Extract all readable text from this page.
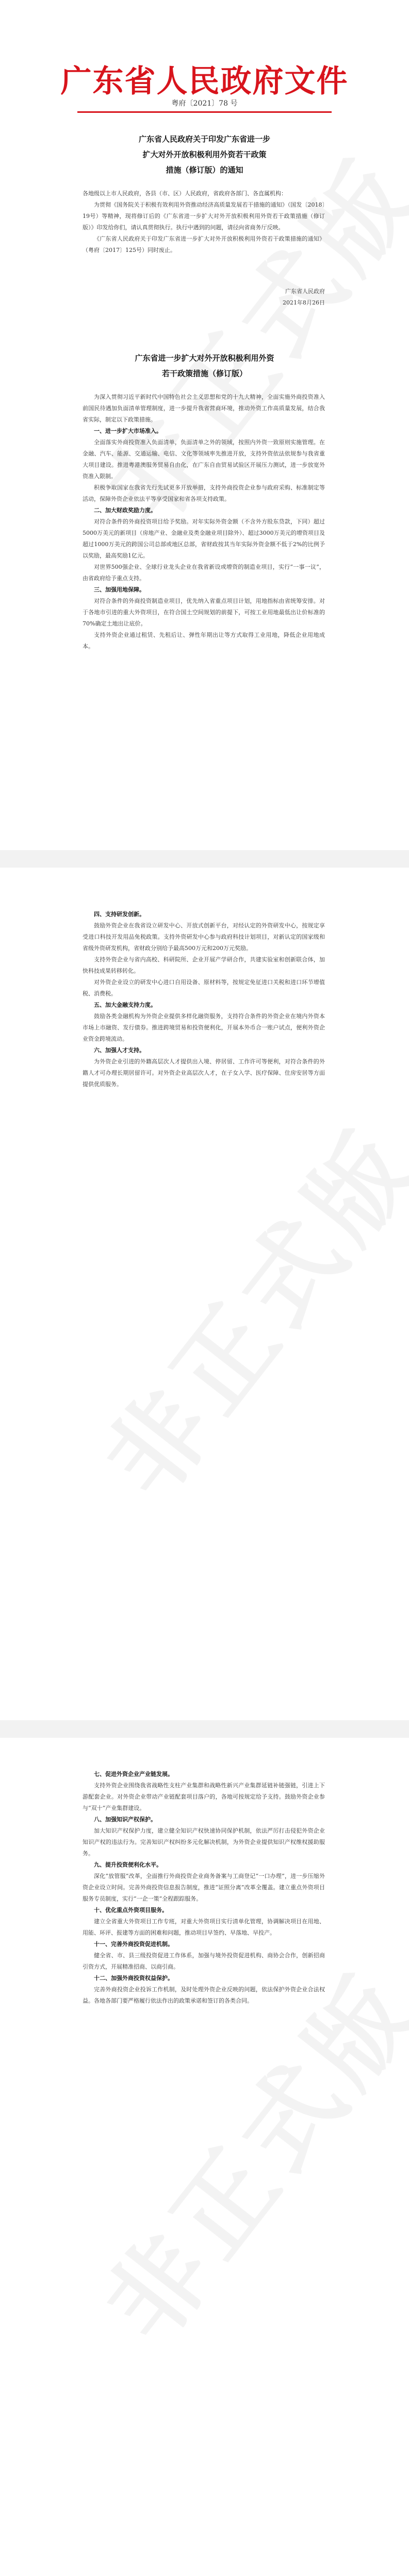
广东省人民政府文件
粤府〔2021〕78 号
广东省人民政府关于印发广东省进一步
扩大对外开放积极利用外资若干政策
措施（修订版）的通知
各地级以上市人民政府，各县（市、区）人民政府，省政府各部门、各直属机构：

为贯彻《国务院关于积极有效利用外资推动经济高质量发展若干措施的通知》（国发〔2018〕19号）等精神，现将修订后的《广东省进一步扩大对外开放积极利用外资若干政策措施（修订版）》印发给你们，请认真贯彻执行。执行中遇到的问题，请径向省商务厅反映。

《广东省人民政府关于印发广东省进一步扩大对外开放积极利用外资若干政策措施的通知》（粤府〔2017〕125号）同时废止。

广东省人民政府
2021年8月26日
广东省进一步扩大对外开放积极利用外资
若干政策措施（修订版）

为深入贯彻习近平新时代中国特色社会主义思想和党的十九大精神，全面实施外商投资准入前国民待遇加负面清单管理制度，进一步提升我省营商环境，推动外资工作高质量发展，结合我省实际，制定以下政策措施。

一、进一步扩大市场准入。

全面落实外商投资准入负面清单，负面清单之外的领域，按照内外资一致原则实施管理。在金融、汽车、能源、交通运输、电信、文化等领域率先推进开放，支持外资依法依规参与我省重大项目建设。推进粤港澳服务贸易自由化，在广东自由贸易试验区开展压力测试，进一步放宽外资准入限制。

积极争取国家在我省先行先试更多开放举措，支持外商投资企业参与政府采购、标准制定等活动，保障外资企业依法平等享受国家和省各项支持政策。

二、加大财政奖励力度。

对符合条件的外商投资项目给予奖励。对年实际外资金额（不含外方股东贷款，下同）超过5000万美元的新项目（房地产业、金融业及类金融业项目除外）、超过3000万美元的增资项目及超过1000万美元的跨国公司总部或地区总部，省财政按其当年实际外资金额不低于2%的比例予以奖励，最高奖励1亿元。

对世界500强企业、全球行业龙头企业在我省新设或增资的制造业项目，实行“一事一议”，由省政府给予重点支持。

三、加强用地保障。

对符合条件的外商投资制造业项目，优先纳入省重点项目计划，用地指标由省统筹安排。对于各地市引进的重大外资项目，在符合国土空间规划的前提下，可按工业用地最低出让价标准的70%确定土地出让底价。

支持外资企业通过租赁、先租后让、弹性年期出让等方式取得工业用地，降低企业用地成本。

四、支持研发创新。

鼓励外资企业在我省设立研发中心、开放式创新平台，对经认定的外资研发中心，按规定享受进口科技开发用品免税政策。支持外资研发中心参与政府科技计划项目，对新认定的国家级和省级外资研发机构，省财政分别给予最高500万元和200万元奖励。

支持外资企业与省内高校、科研院所、企业开展产学研合作，共建实验室和创新联合体，加快科技成果转移转化。

对外资企业设立的研发中心进口自用设备、原材料等，按规定免征进口关税和进口环节增值税、消费税。

五、加大金融支持力度。

鼓励各类金融机构为外资企业提供多样化融资服务，支持符合条件的外资企业在境内外资本市场上市融资、发行债券。推进跨境贸易和投资便利化，开展本外币合一账户试点，便利外资企业资金跨境流动。

六、加强人才支持。

为外资企业引进的外籍高层次人才提供出入境、停居留、工作许可等便利，对符合条件的外籍人才可办理长期居留许可。对外资企业高层次人才，在子女入学、医疗保障、住房安居等方面提供优质服务。

七、促进外资企业产业链发展。

支持外资企业围绕我省战略性支柱产业集群和战略性新兴产业集群延链补链强链，引进上下游配套企业。对外资企业带动产业链配套项目落户的，各地可按规定给予支持。鼓励外资企业参与“双十”产业集群建设。

八、加强知识产权保护。

加大知识产权保护力度，建立健全知识产权快速协同保护机制，依法严厉打击侵犯外资企业知识产权的违法行为。完善知识产权纠纷多元化解决机制，为外资企业提供知识产权维权援助服务。

九、提升投资便利化水平。

深化“放管服”改革，全面推行外商投资企业商务备案与工商登记“一口办理”，进一步压缩外资企业设立时间。完善外商投资信息报告制度，推进“证照分离”改革全覆盖。建立重点外资项目服务专员制度，实行“一企一策”全程跟踪服务。

十、优化重点外资项目服务。

建立全省重大外资项目工作专班，对重大外资项目实行清单化管理，协调解决项目在用地、用能、环评、报建等方面的困难和问题，推动项目早签约、早落地、早投产。

十一、完善外商投资促进机制。

健全省、市、县三级投资促进工作体系，加强与境外投资促进机构、商协会合作，创新招商引资方式，开展精准招商、以商引商。

十二、加强外商投资权益保护。

完善外商投资企业投诉工作机制，及时处理外资企业反映的问题，依法保护外资企业合法权益。各地各部门要严格履行依法作出的政策承诺和签订的各类合同。
